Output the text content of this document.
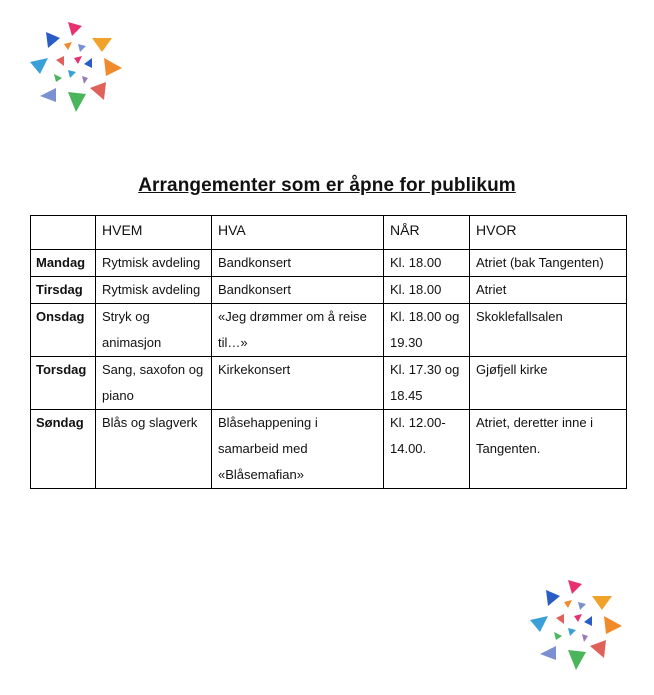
Arrangementer som er åpne for publikum
	HVEM	HVA	NÅR	HVOR
Mandag	Rytmisk avdeling	Bandkonsert	Kl. 18.00	Atriet (bak Tangenten)
Tirsdag	Rytmisk avdeling	Bandkonsert	Kl. 18.00	Atriet
Onsdag	Stryk og animasjon	«Jeg drømmer om å reise til…»	Kl. 18.00 og 19.30	Skoklefallsalen
Torsdag	Sang, saxofon og piano	Kirkekonsert	Kl. 17.30 og 18.45	Gjøfjell kirke
Søndag	Blås og slagverk	Blåsehappening i samarbeid med «Blåsemafian»	Kl. 12.00-14.00.	Atriet, deretter inne i Tangenten.
